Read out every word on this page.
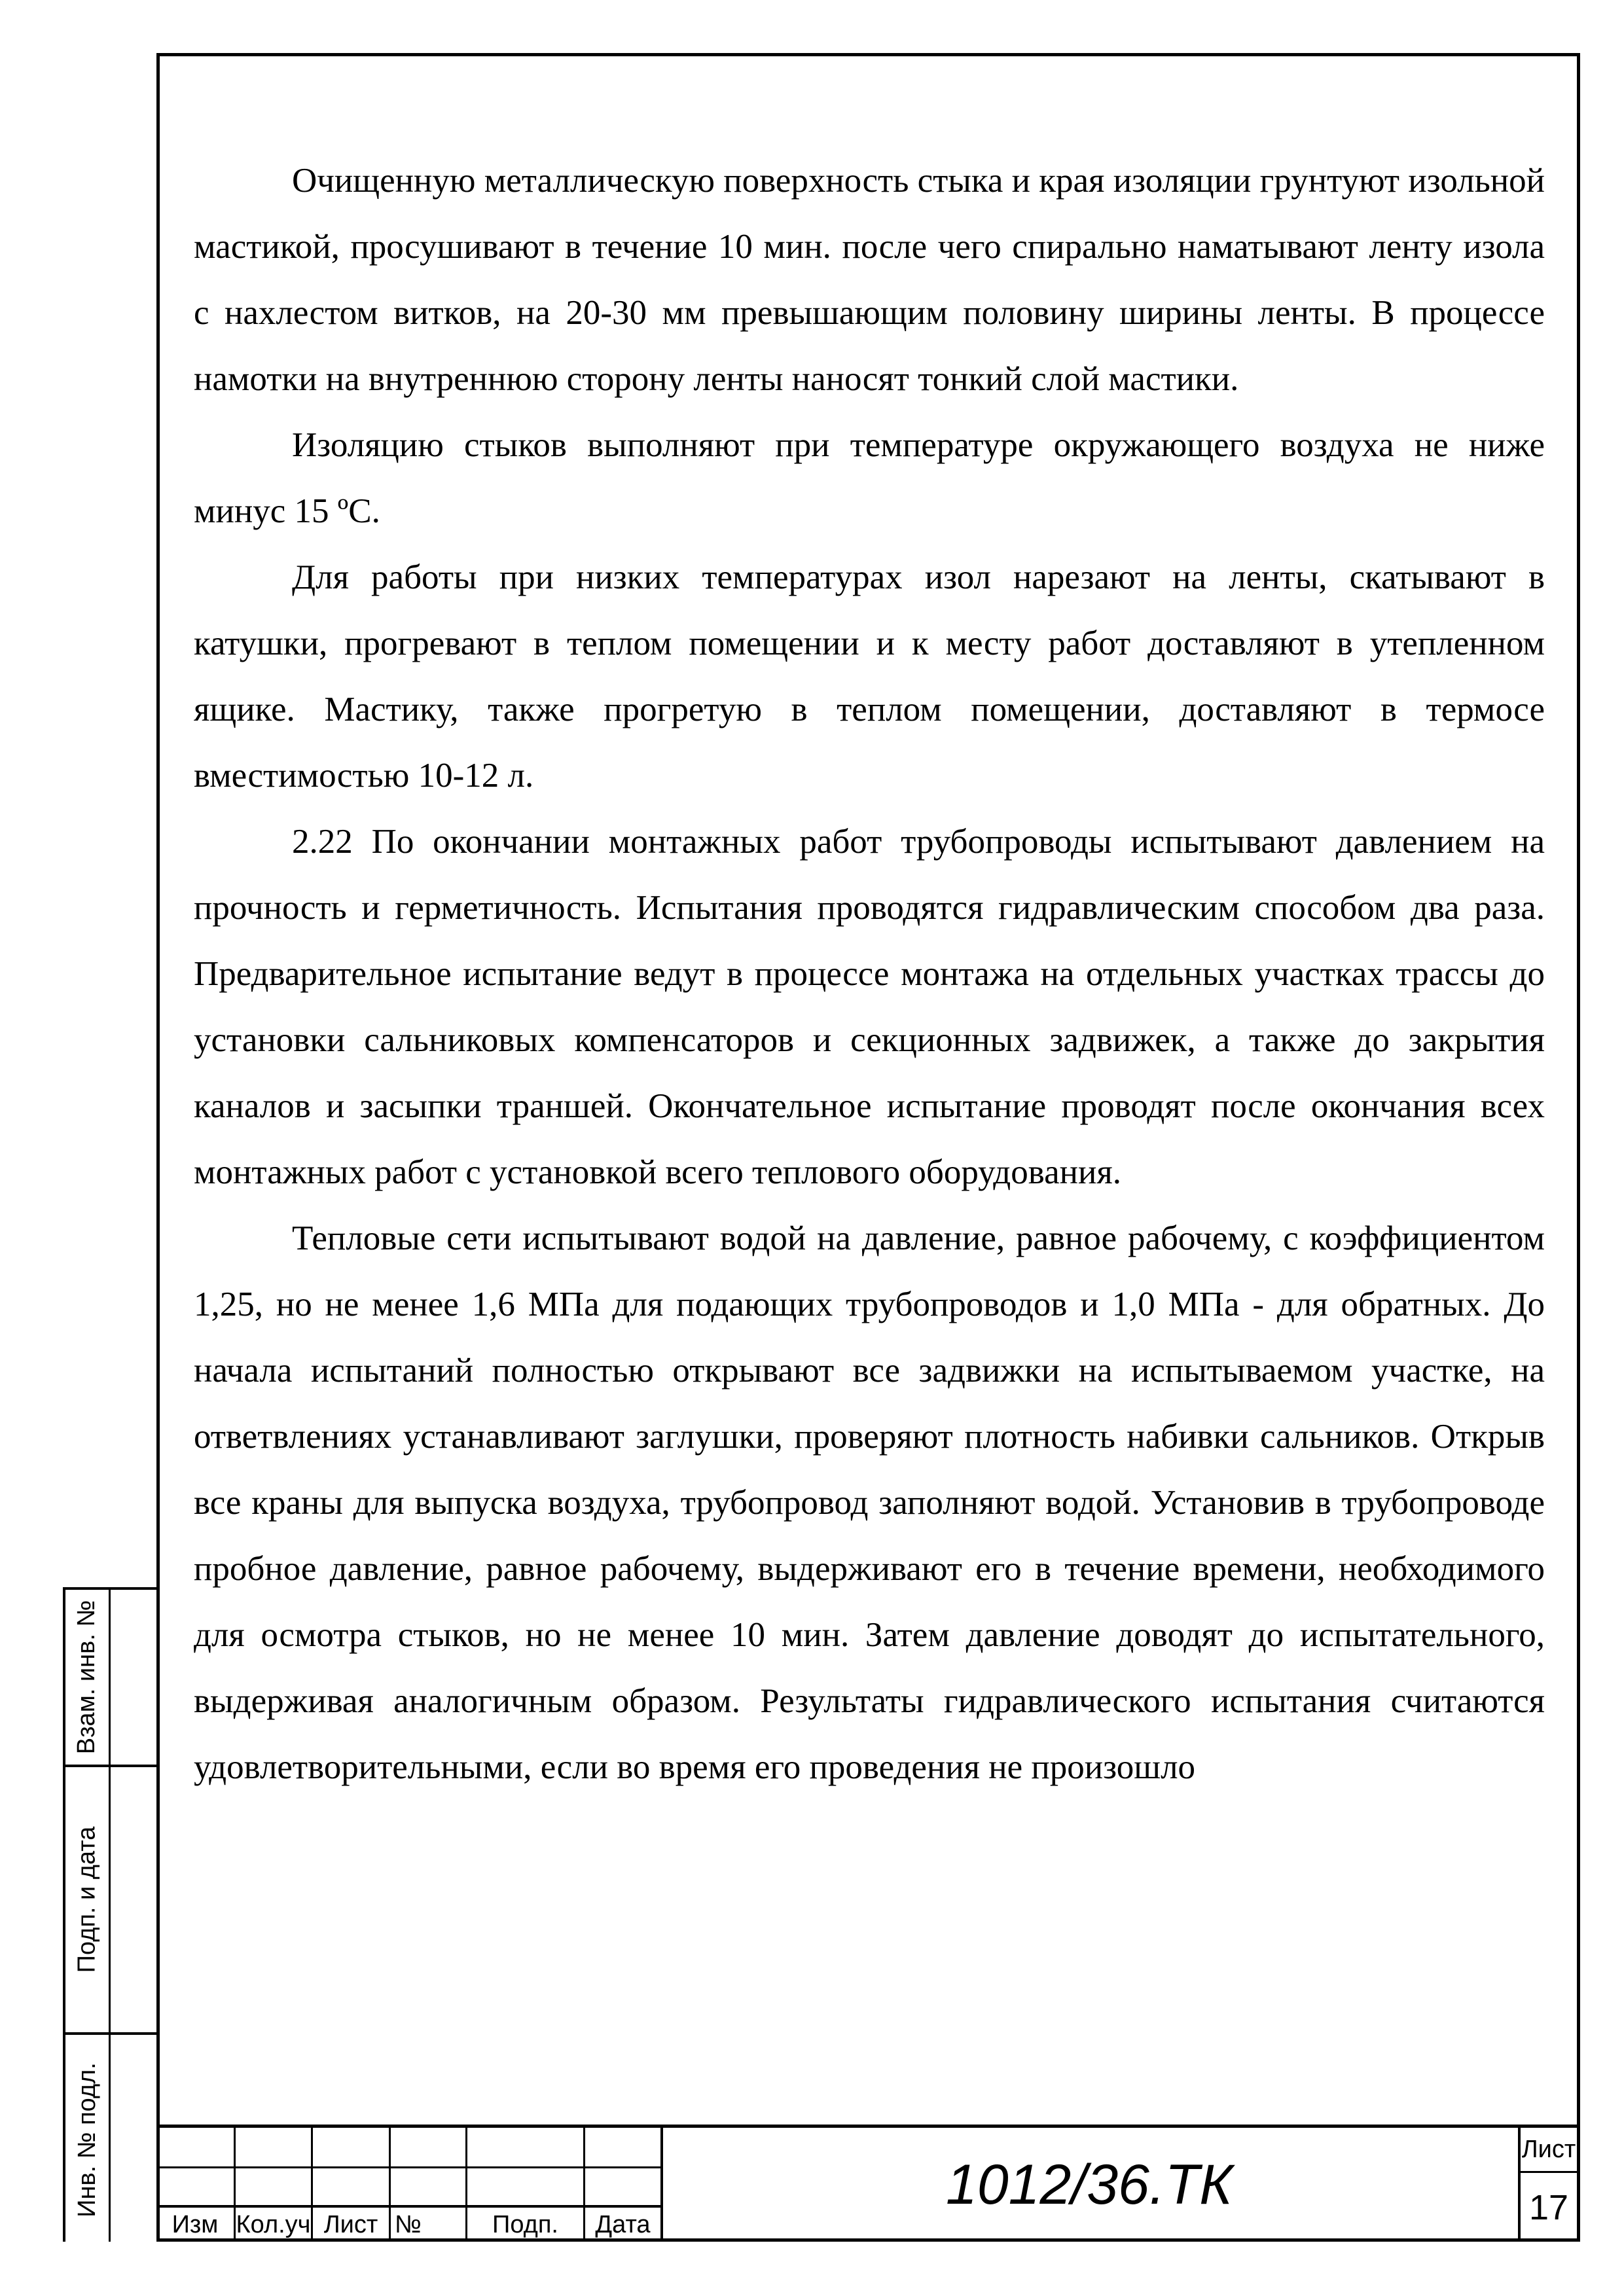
Очищенную металлическую поверхность стыка и края изоляции грунтуют изольной мастикой, просушивают в течение 10 мин. после чего спирально наматывают ленту изола с нахлестом витков, на 20-30 мм превышающим половину ширины ленты. В процессе намотки на внутреннюю сторону ленты наносят тонкий слой мастики.

Изоляцию стыков выполняют при температуре окружающего воздуха не ниже минус 15 ºС.

Для работы при низких температурах изол нарезают на ленты, скатывают в катушки, прогревают в теплом помещении и к месту работ доставляют в утепленном ящике. Мастику, также прогретую в теплом помещении, доставляют в термосе вместимостью 10-12 л.

2.22 По окончании монтажных работ трубопроводы испытывают давлением на прочность и герметичность. Испытания проводятся гидравлическим способом два раза. Предварительное испытание ведут в процессе монтажа на отдельных участках трассы до установки сальниковых компенсаторов и секционных задвижек, а также до закрытия каналов и засыпки траншей. Окончательное испытание проводят после окончания всех монтажных работ с установкой всего теплового оборудования.

Тепловые сети испытывают водой на давление, равное рабочему, с коэффициентом 1,25, но не менее 1,6 МПа для подающих трубопроводов и 1,0 МПа - для обратных. До начала испытаний полностью открывают все задвижки на испытываемом участке, на ответвлениях устанавливают заглушки, проверяют плотность набивки сальников. Открыв все краны для выпуска воздуха, трубопровод заполняют водой. Установив в трубопроводе пробное давление, равное рабочему, выдерживают его в течение времени, необходимого для осмотра стыков, но не менее 10 мин. Затем давление доводят до испытательного, выдерживая аналогичным образом. Результаты гидравлического испытания считаются удовлетворительными, если во время его проведения не произошло

Взам. инв. №
Подп. и дата
Инв. № подл.
Изм Кол.уч Лист №	Подп.	Дата
1012/36.ТК
Лист
17
